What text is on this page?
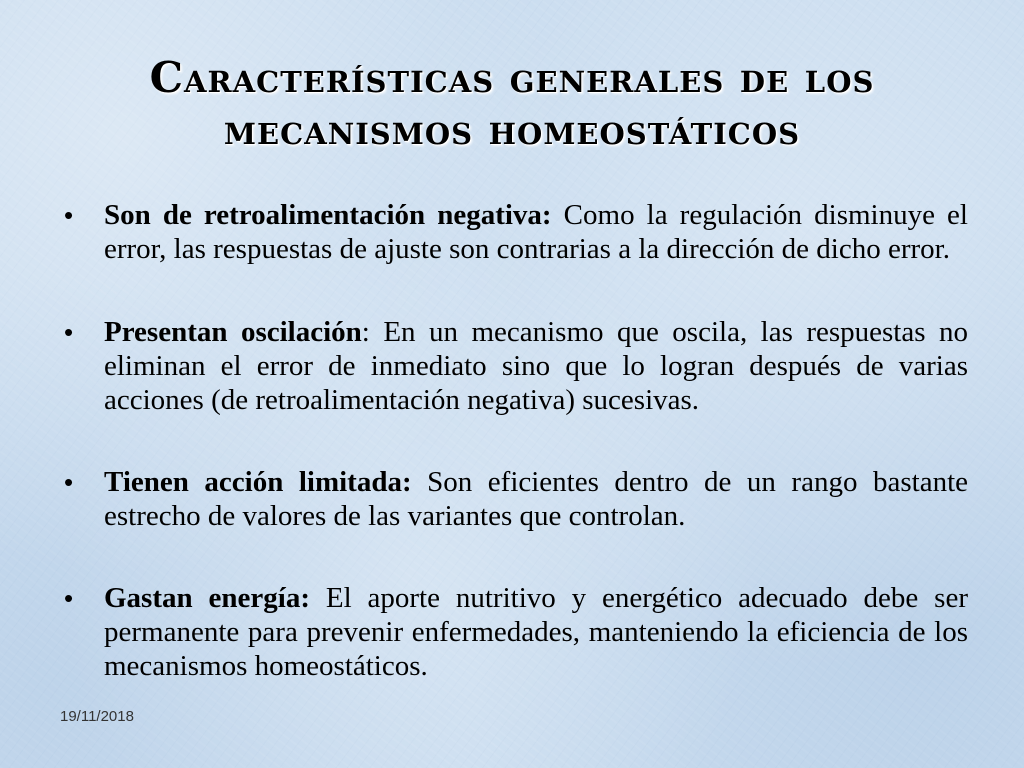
Características generales de los mecanismos homeostáticos
• Son de retroalimentación negativa: Como la regulación disminuye el error, las respuestas de ajuste son contrarias a la dirección de dicho error.
• Presentan oscilación: En un mecanismo que oscila, las respuestas no eliminan el error de inmediato sino que lo logran después de varias acciones (de retroalimentación negativa) sucesivas.
• Tienen acción limitada: Son eficientes dentro de un rango bastante estrecho de valores de las variantes que controlan.
• Gastan energía: El aporte nutritivo y energético adecuado debe ser permanente para prevenir enfermedades, manteniendo la eficiencia de los mecanismos homeostáticos.
19/11/2018
